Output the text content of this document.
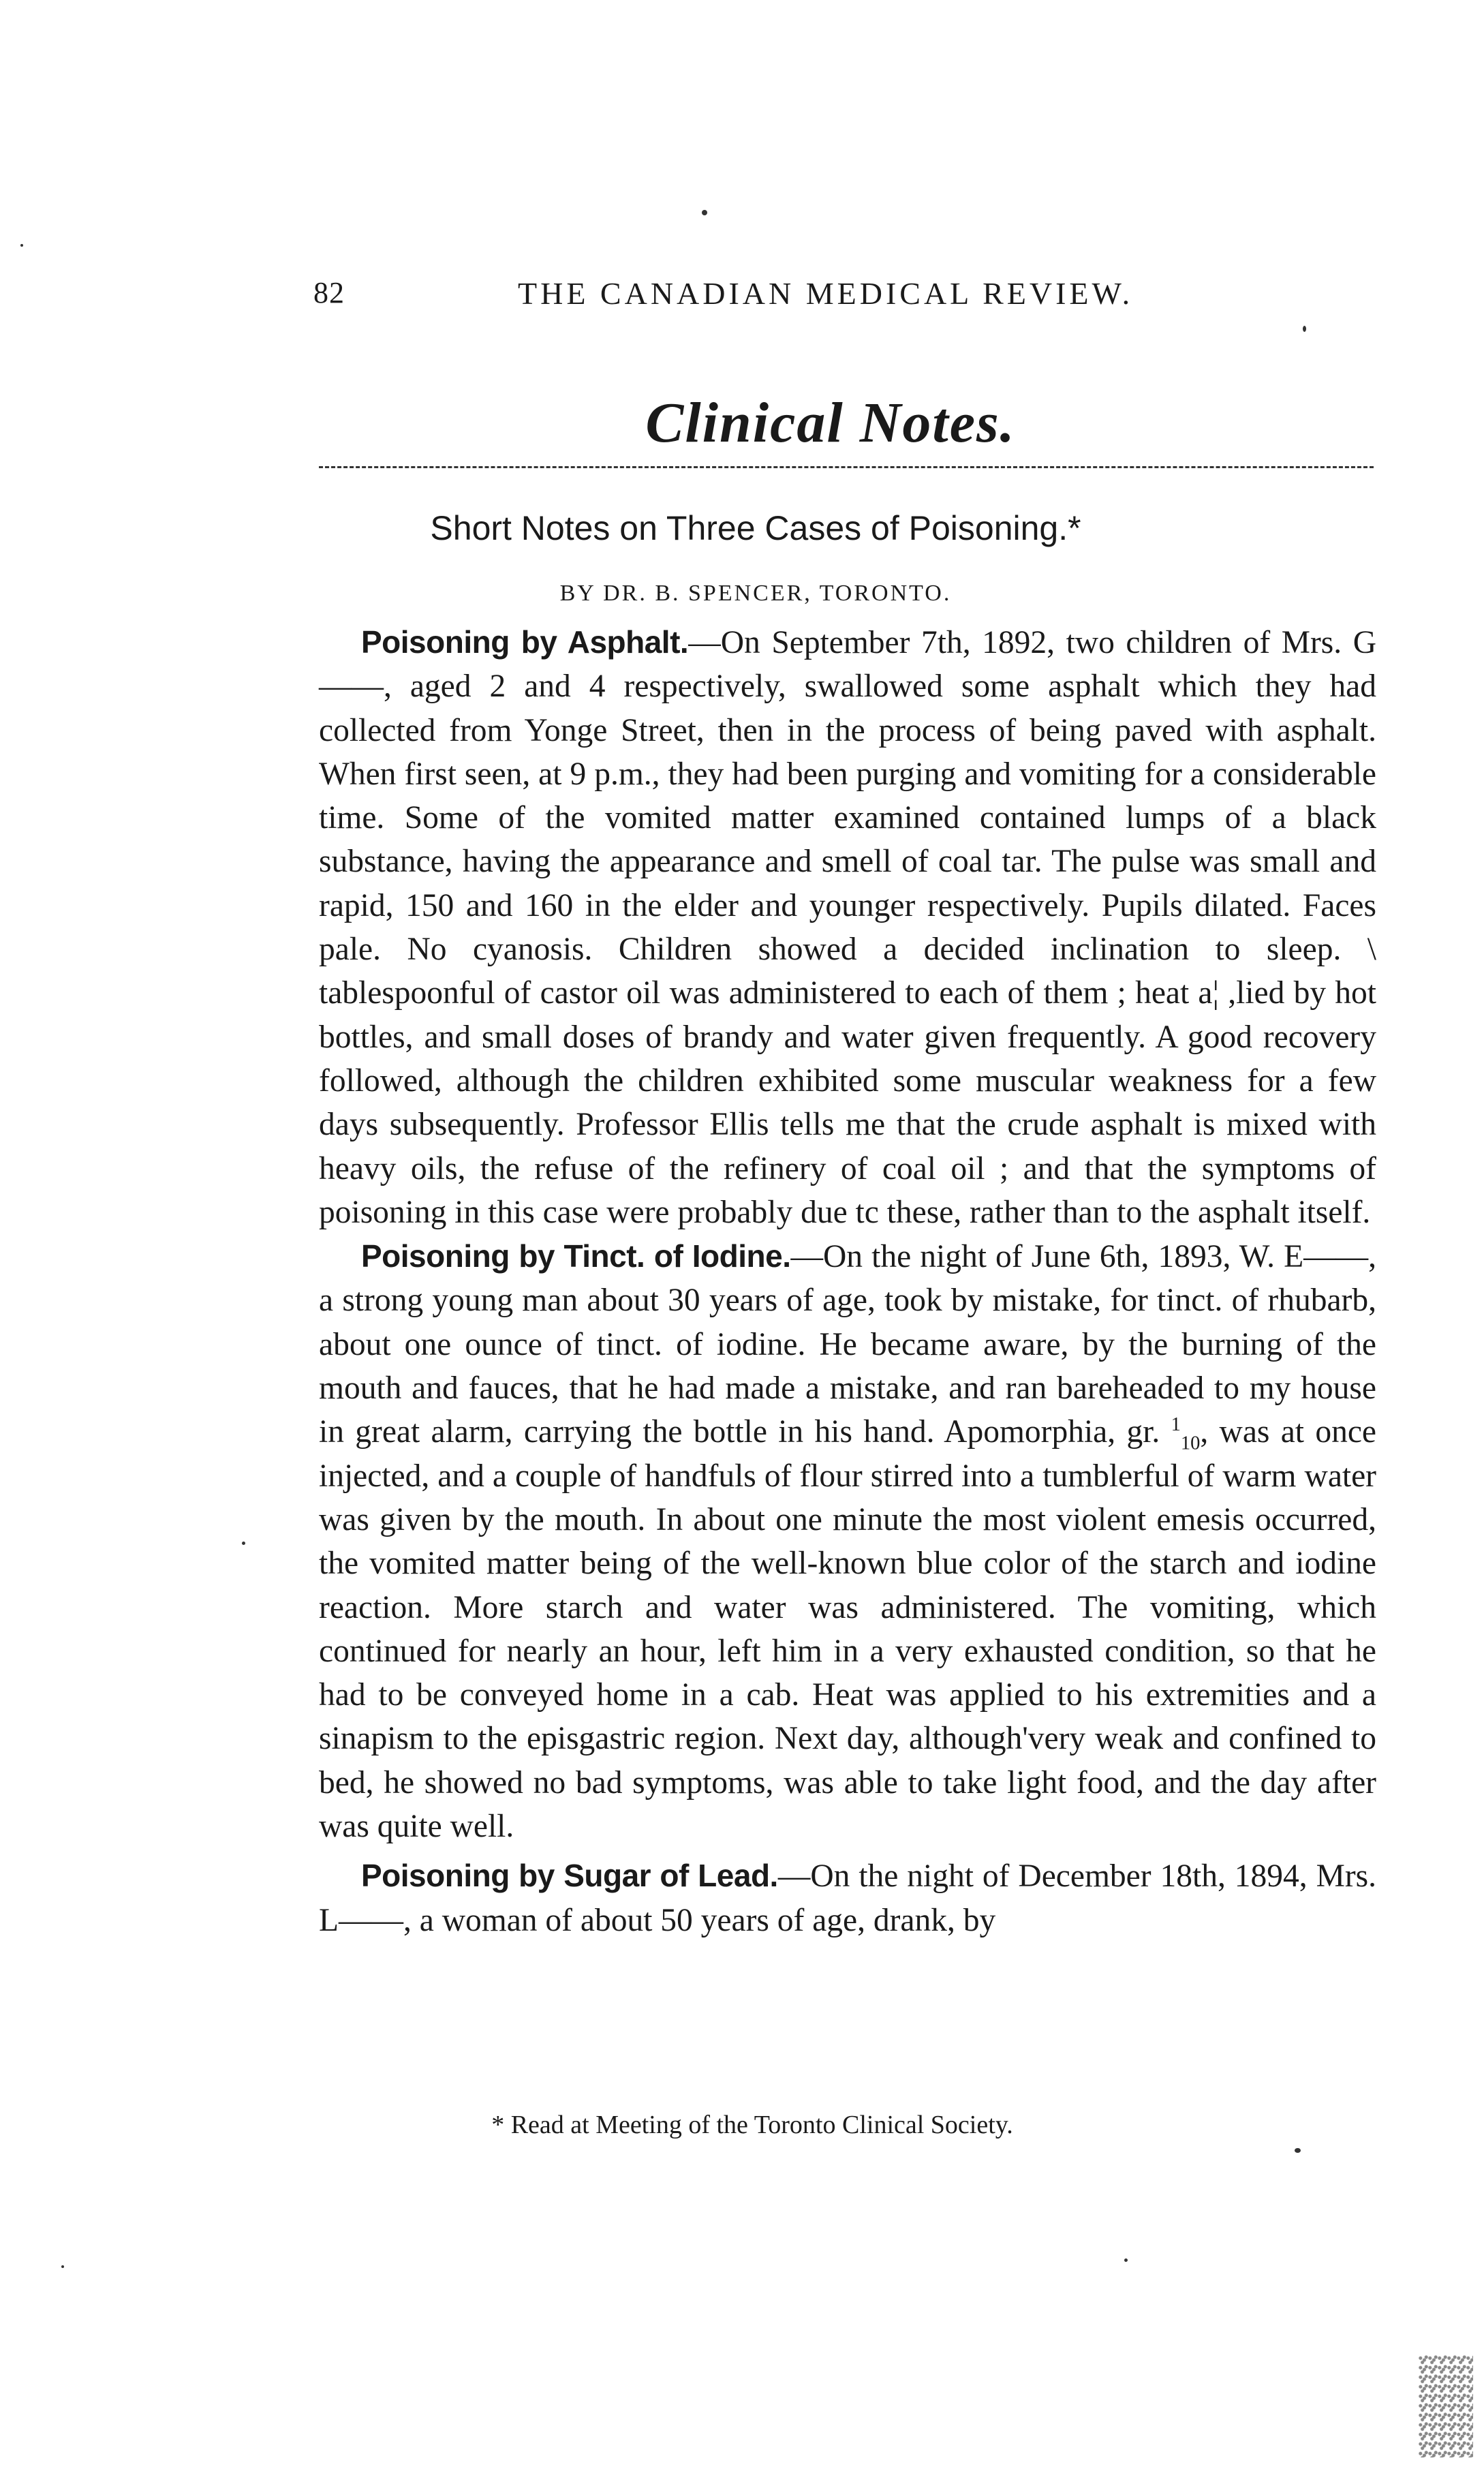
82	THE CANADIAN MEDICAL REVIEW.
Clinical Notes.
Short Notes on Three Cases of Poisoning.*
BY DR. B. SPENCER, TORONTO.

Poisoning by Asphalt.—On September 7th, 1892, two children of Mrs. G——, aged 2 and 4 respectively, swallowed some asphalt which they had collected from Yonge Street, then in the process of being paved with asphalt. When first seen, at 9 p.m., they had been purging and vomiting for a considerable time. Some of the vomited matter examined contained lumps of a black substance, having the appearance and smell of coal tar. The pulse was small and rapid, 150 and 160 in the elder and younger respectively. Pupils dilated. Faces pale. No cyanosis. Children showed a decided inclination to sleep. \ tablespoonful of castor oil was administered to each of them ; heat a¦ ,lied by hot bottles, and small doses of brandy and water given frequently. A good recovery followed, although the children exhibited some muscular weakness for a few days subsequently. Professor Ellis tells me that the crude asphalt is mixed with heavy oils, the refuse of the refinery of coal oil ; and that the symptoms of poisoning in this case were probably due tc these, rather than to the asphalt itself.

Poisoning by Tinct. of Iodine.—On the night of June 6th, 1893, W. E——, a strong young man about 30 years of age, took by mistake, for tinct. of rhubarb, about one ounce of tinct. of iodine. He became aware, by the burning of the mouth and fauces, that he had made a mistake, and ran bareheaded to my house in great alarm, carrying the bottle in his hand. Apomorphia, gr. $^1_{10}$, was at once injected, and a couple of handfuls of flour stirred into a tumblerful of warm water was given by the mouth. In about one minute the most violent emesis occurred, the vomited matter being of the well-known blue color of the starch and iodine reaction. More starch and water was administered. The vomiting, which continued for nearly an hour, left him in a very exhausted condition, so that he had to be conveyed home in a cab. Heat was applied to his extremities and a sinapism to the episgastric region. Next day, although'very weak and confined to bed, he showed no bad symptoms, was able to take light food, and the day after was quite well.

Poisoning by Sugar of Lead.—On the night of December 18th, 1894, Mrs. L——, a woman of about 50 years of age, drank, by

* Read at Meeting of the Toronto Clinical Society.
